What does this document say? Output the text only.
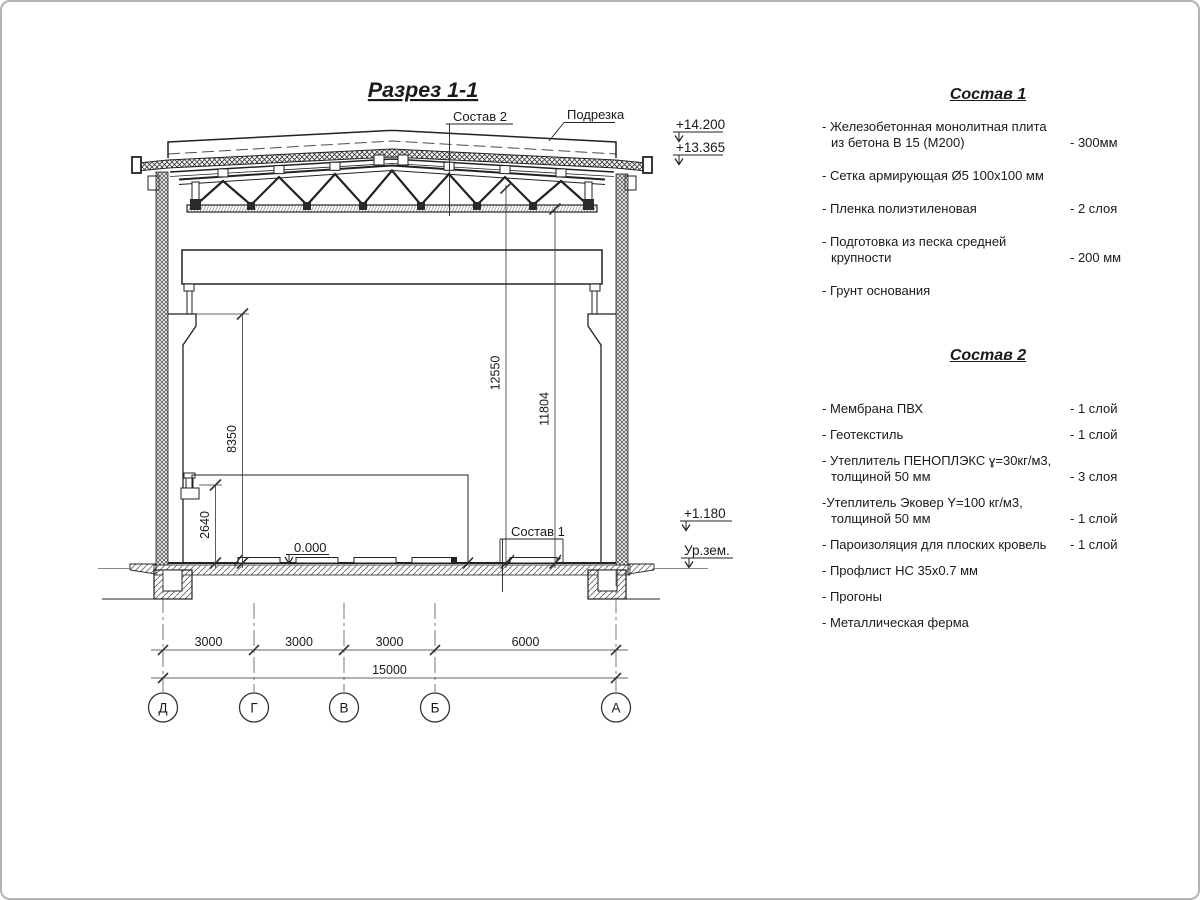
Разрез 1-1
8350
2640
12550
11804
0.000
Состав 2	Подрезка
Состав 1
+14.200
+13.365
+1.180
Ур.зем.
3000	3000	3000	6000
15000
Д	Г	В	Б	А
Состав 1
- Железобетонная монолитная плита
из бетона В 15 (М200)	- 300мм
- Сетка армирующая Ø5 100x100 мм
- Пленка полиэтиленовая	- 2 слоя
- Подготовка из песка средней
крупности	- 200 мм
- Грунт основания
Состав 2
- Мембрана ПВХ	- 1 слой
- Геотекстиль	- 1 слой
- Утеплитель ПЕНОПЛЭКС ɣ=30кг/м3,
толщиной 50 мм	- 3 слоя
-Утеплитель Эковер Y=100 кг/м3,
толщиной 50 мм	- 1 слой
- Пароизоляция для плоских кровель	- 1 слой
- Профлист НС 35x0.7 мм
- Прогоны
- Металлическая ферма
